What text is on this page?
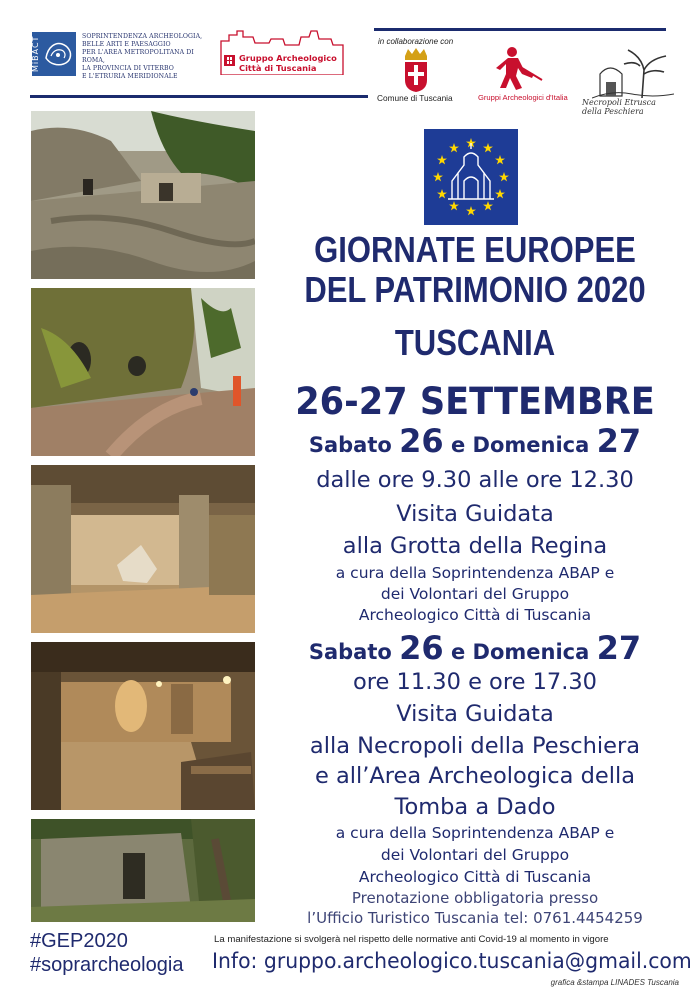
MiBACT	SOPRINTENDENZA ARCHEOLOGIA,
BELLE ARTI E PAESAGGIO
PER L'AREA METROPOLITANA DI ROMA,
LA PROVINCIA DI VITERBO
E L'ETRURIA MERIDIONALE
Gruppo Archeologico
Città di Tuscania
in collaborazione con
Comune di Tuscania	Gruppi Archeologici d'Italia
Necropoli Etrusca della Peschiera
GIORNATE EUROPEE
DEL PATRIMONIO 2020
TUSCANIA
26-27 SETTEMBRE
Sabato 26 e Domenica 27
dalle ore 9.30 alle ore 12.30
Visita Guidata
alla Grotta della Regina
a cura della Soprintendenza ABAP e
dei Volontari del Gruppo
Archeologico Città di Tuscania
Sabato 26 e Domenica 27
ore 11.30 e ore 17.30
Visita Guidata
alla Necropoli della Peschiera
e all’Area Archeologica della
Tomba a Dado
a cura della Soprintendenza ABAP e
dei Volontari del Gruppo
Archeologico Città di Tuscania
Prenotazione obbligatoria presso
l’Ufficio Turistico Tuscania tel: 0761.4454259
#GEP2020
#soprarcheologia
La manifestazione si svolgerà nel rispetto delle normative anti Covid-19 al momento in vigore
Info: gruppo.archeologico.tuscania@gmail.com
grafica &stampa LINADES Tuscania
